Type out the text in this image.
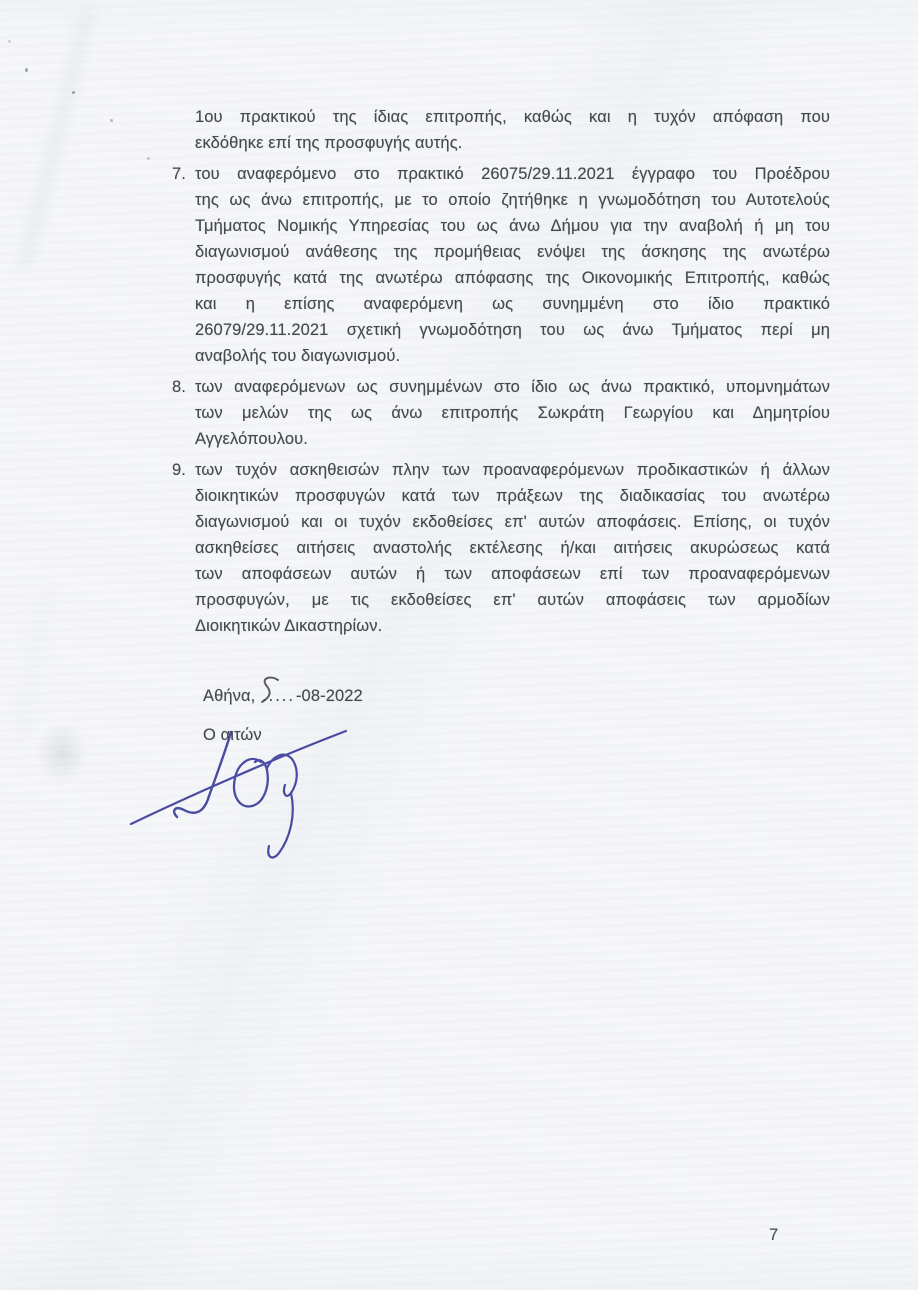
1ου πρακτικού της ίδιας επιτροπής, καθώς και η τυχόν απόφαση που
εκδόθηκε επί της προσφυγής αυτής.
7. του αναφερόμενο στο πρακτικό 26075/29.11.2021 έγγραφο του Προέδρου
της ως άνω επιτροπής, με το οποίο ζητήθηκε η γνωμοδότηση του Αυτοτελούς
Τμήματος Νομικής Υπηρεσίας του ως άνω Δήμου για την αναβολή ή μη του
διαγωνισμού ανάθεσης της προμήθειας ενόψει της άσκησης της ανωτέρω
προσφυγής κατά της ανωτέρω απόφασης της Οικονομικής Επιτροπής, καθώς
και η επίσης αναφερόμενη ως συνημμένη στο ίδιο πρακτικό
26079/29.11.2021 σχετική γνωμοδότηση του ως άνω Τμήματος περί μη
αναβολής του διαγωνισμού.
8. των αναφερόμενων ως συνημμένων στο ίδιο ως άνω πρακτικό, υπομνημάτων
των μελών της ως άνω επιτροπής Σωκράτη Γεωργίου και Δημητρίου
Αγγελόπουλου.
9. των τυχόν ασκηθεισών πλην των προαναφερόμενων προδικαστικών ή άλλων
διοικητικών προσφυγών κατά των πράξεων της διαδικασίας του ανωτέρω
διαγωνισμού και οι τυχόν εκδοθείσες επ' αυτών αποφάσεις. Επίσης, οι τυχόν
ασκηθείσες αιτήσεις αναστολής εκτέλεσης ή/και αιτήσεις ακυρώσεως κατά
των αποφάσεων αυτών ή των αποφάσεων επί των προαναφερόμενων
προσφυγών, με τις εκδοθείσες επ' αυτών αποφάσεις των αρμοδίων
Διοικητικών Δικαστηρίων.
Αθήνα, .....-08-2022
Ο αιτών
7
